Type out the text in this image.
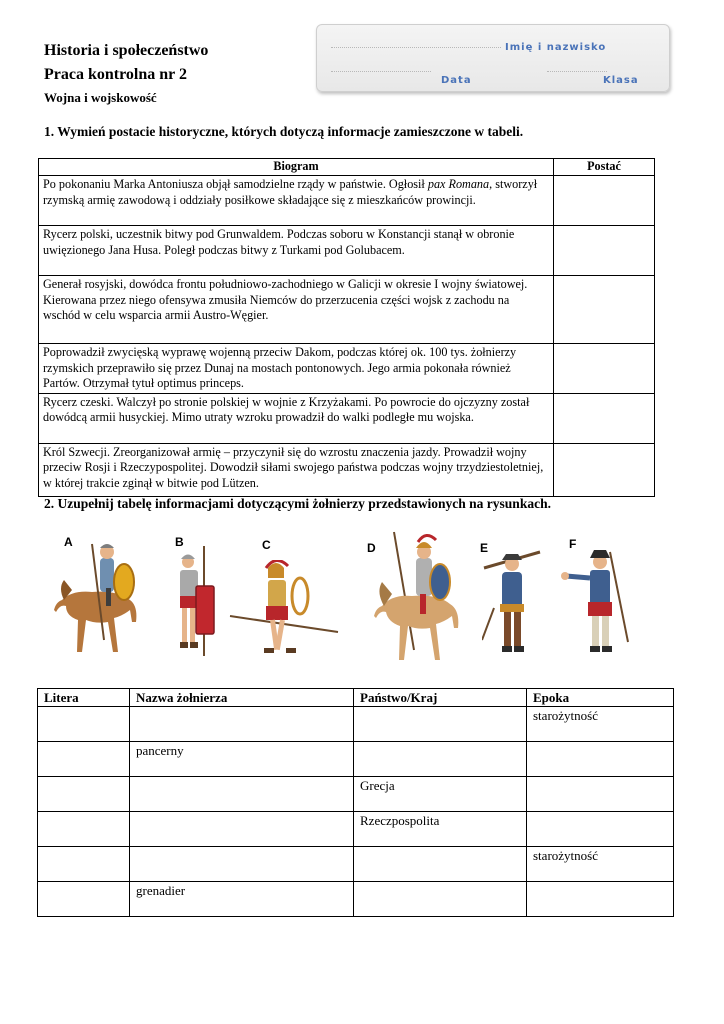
Historia i społeczeństwo
Praca kontrolna nr 2
Wojna i wojskowość
Imię i nazwisko
Data	Klasa
1. Wymień postacie historyczne, których dotyczą informacje zamieszczone w tabeli.
Biogram	Postać
Po pokonaniu Marka Antoniusza objął samodzielne rządy w państwie. Ogłosił pax Romana, stworzył rzymską armię zawodową i oddziały posiłkowe składające się z mieszkańców prowincji.	
Rycerz polski, uczestnik bitwy pod Grunwaldem. Podczas soboru w Konstancji stanął w obronie uwięzionego Jana Husa. Poległ podczas bitwy z Turkami pod Golubacem.	
Generał rosyjski, dowódca frontu południowo-zachodniego w Galicji w okresie I wojny światowej. Kierowana przez niego ofensywa zmusiła Niemców do przerzucenia części wojsk z zachodu na wschód w celu wsparcia armii Austro-Węgier.	
Poprowadził zwycięską wyprawę wojenną przeciw Dakom, podczas której ok. 100 tys. żołnierzy rzymskich przeprawiło się przez Dunaj na mostach pontonowych. Jego armia pokonała również Partów. Otrzymał tytuł optimus princeps.	
Rycerz czeski. Walczył po stronie polskiej w wojnie z Krzyżakami. Po powrocie do ojczyzny został dowódcą armii husyckiej. Mimo utraty wzroku prowadził do walki podległe mu wojska.	
Król Szwecji. Zreorganizował armię – przyczynił się do wzrostu znaczenia jazdy. Prowadził wojny przeciw Rosji i Rzeczypospolitej. Dowodził siłami swojego państwa podczas wojny trzydziestoletniej, w której trakcie zginął w bitwie pod Lützen.	
2. Uzupełnij tabelę informacjami dotyczącymi żołnierzy przedstawionych na rysunkach.
A	B	C	D	E	F
Litera	Nazwa żołnierza	Państwo/Kraj	Epoka
			starożytność
	pancerny		
		Grecja	
		Rzeczpospolita	
			starożytność
	grenadier		
